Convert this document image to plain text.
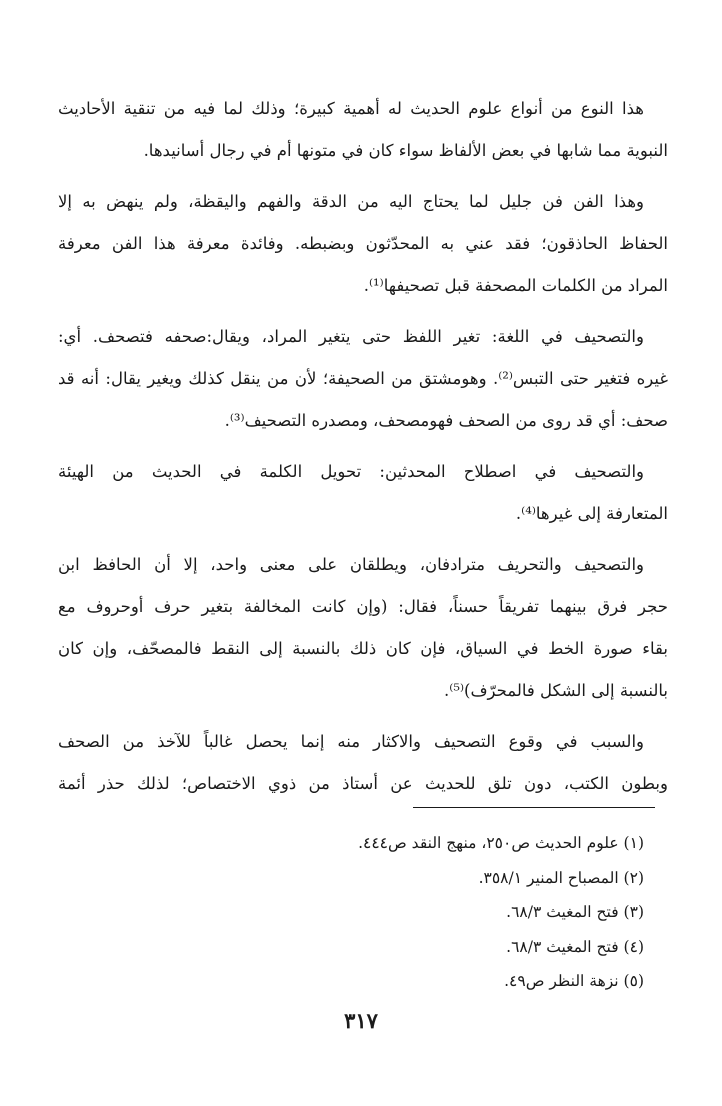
هذا النوع من أنواع علوم الحديث له أهمية كبيرة؛ وذلك لما فيه من تنقية الأحاديث
النبوية مما شابها في بعض الألفاظ سواء كان في متونها أم في رجال أسانيدها.
وهذا الفن فن جليل لما يحتاج اليه من الدقة والفهم واليقظة، ولم ينهض به إلا
الحفاظ الحاذقون؛ فقد عني به المحدّثون وبضبطه. وفائدة معرفة هذا الفن معرفة
المراد من الكلمات المصحفة قبل تصحيفها⁽¹⁾.
والتصحيف في اللغة: تغير اللفظ حتى يتغير المراد، ويقال:صحفه فتصحف. أي:
غيره فتغير حتى التبس⁽²⁾. وهومشتق من الصحيفة؛ لأن من ينقل كذلك ويغير يقال: أنه قد
صحف: أي قد روى من الصحف فهومصحف، ومصدره التصحيف⁽³⁾.
والتصحيف في اصطلاح المحدثين: تحويل الكلمة في الحديث من الهيئة
المتعارفة إلى غيرها⁽⁴⁾.
والتصحيف والتحريف مترادفان، ويطلقان على معنى واحد، إلا أن الحافظ ابن
حجر فرق بينهما تفريقاً حسناً، فقال: (وإن كانت المخالفة بتغير حرف أوحروف مع
بقاء صورة الخط في السياق، فإن كان ذلك بالنسبة إلى النقط فالمصحّف، وإن كان
بالنسبة إلى الشكل فالمحرّف)⁽⁵⁾.
والسبب في وقوع التصحيف والاكثار منه إنما يحصل غالباً للآخذ من الصحف
وبطون الكتب، دون تلق للحديث عن أستاذ من ذوي الاختصاص؛ لذلك حذر أئمة
(١) علوم الحديث ص٢٥٠، منهج النقد ص٤٤٤.
(٢) المصباح المنير ٣٥٨/١.
(٣) فتح المغيث ٦٨/٣.
(٤) فتح المغيث ٦٨/٣.
(٥) نزهة النظر ص٤٩.
٣١٧
